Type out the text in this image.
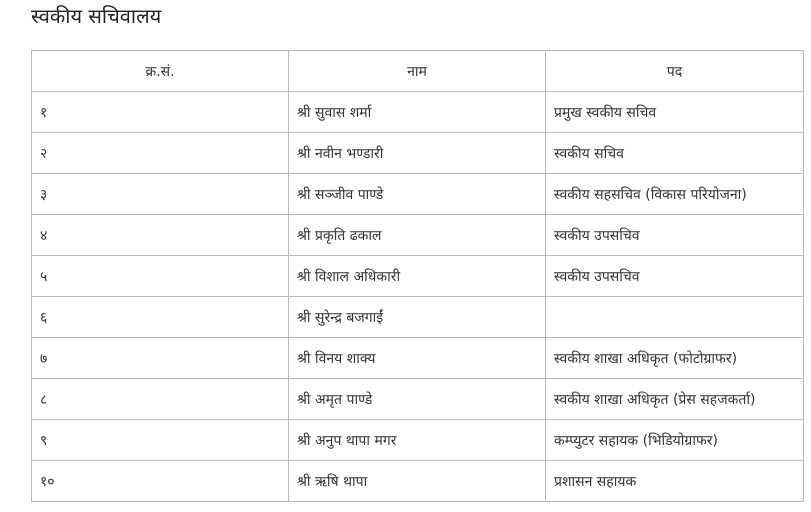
स्वकीय सचिवालय
क्र.सं.	नाम	पद
१	श्री सुवास शर्मा	प्रमुख स्वकीय सचिव
२	श्री नवीन भण्डारी	स्वकीय सचिव
३	श्री सञ्जीव पाण्डे	स्वकीय सहसचिव (विकास परियोजना)
४	श्री प्रकृति ढकाल	स्वकीय उपसचिव
५	श्री विशाल अधिकारी	स्वकीय उपसचिव
६	श्री सुरेन्द्र बजगाईं	
७	श्री विनय शाक्य	स्वकीय शाखा अधिकृत (फोटोग्राफर)
८	श्री अमृत पाण्डे	स्वकीय शाखा अधिकृत (प्रेस सहजकर्ता)
९	श्री अनुप थापा मगर	कम्प्युटर सहायक (भिडियोग्राफर)
१०	श्री ऋषि थापा	प्रशासन सहायक
